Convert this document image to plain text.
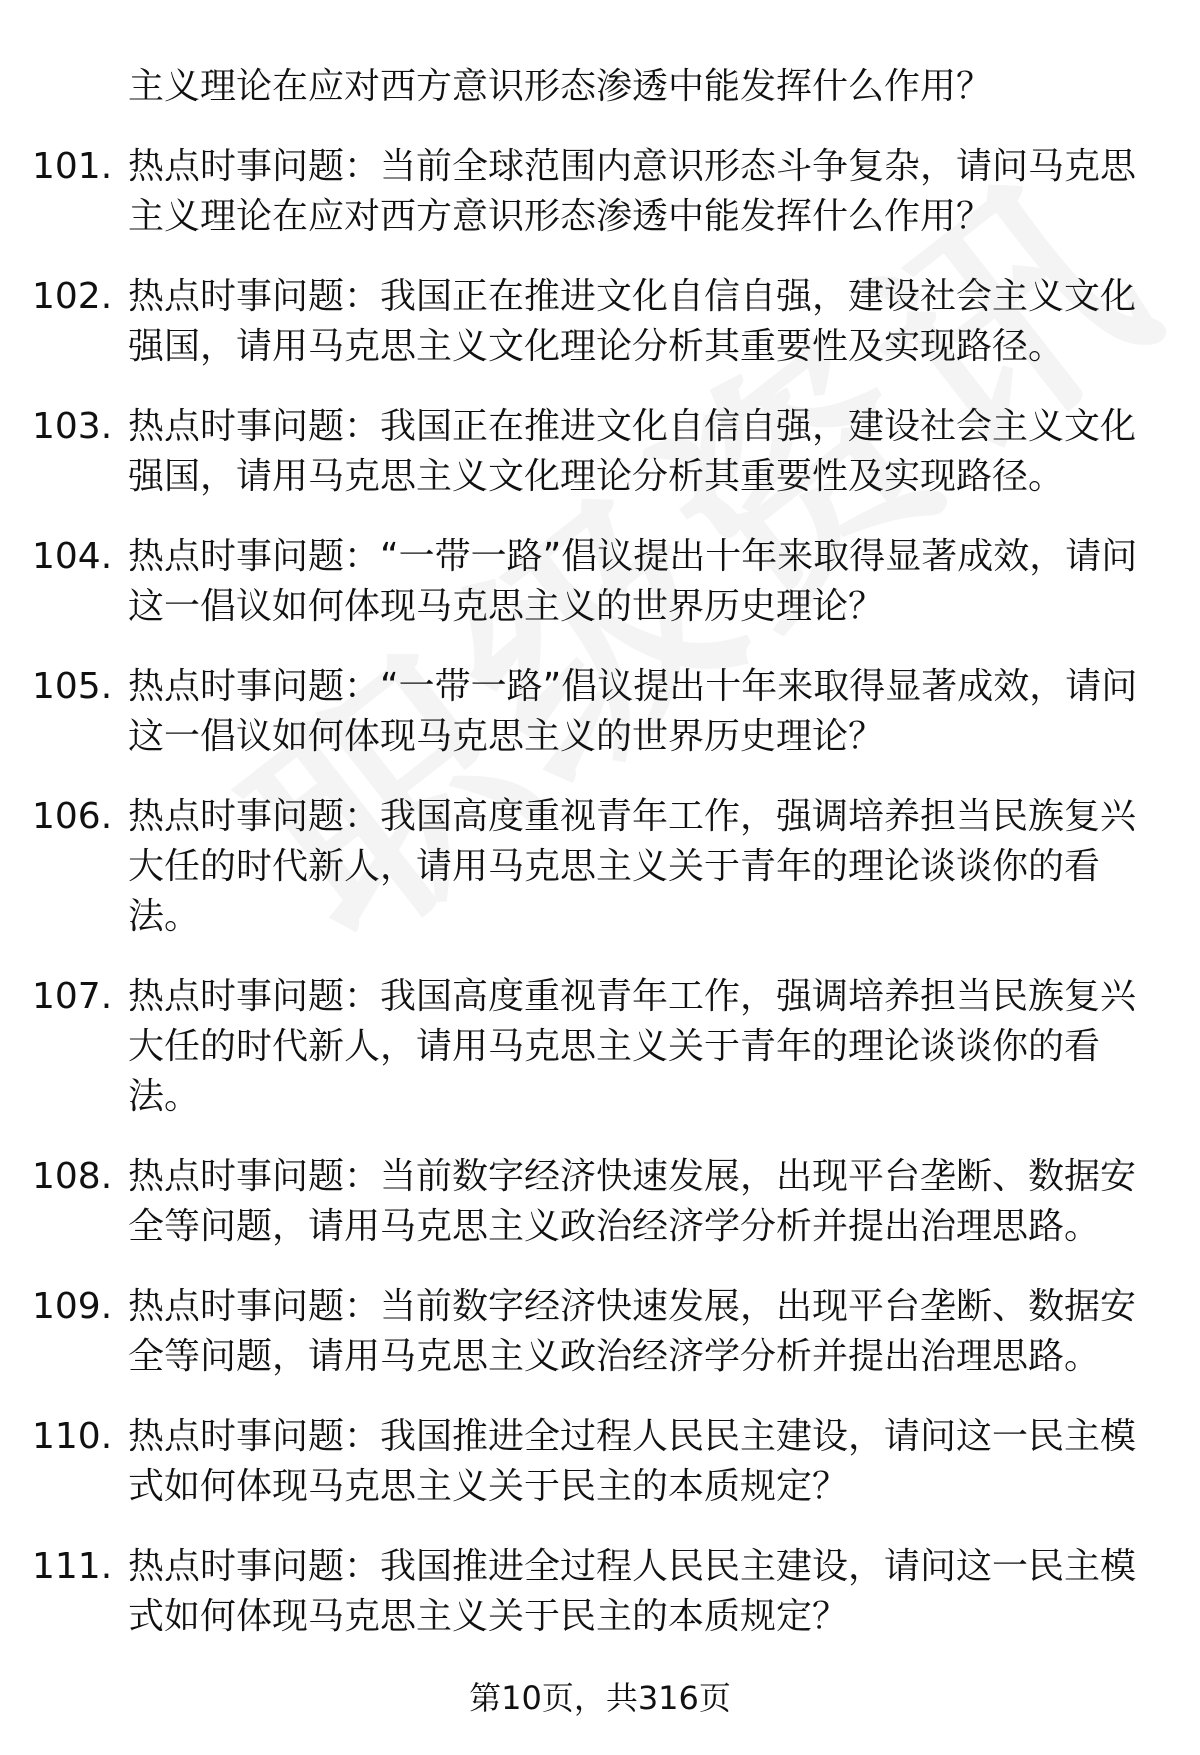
主义理论在应对西方意识形态渗透中能发挥什么作用？

101. 热点时事问题：当前全球范围内意识形态斗争复杂，请问马克思主义理论在应对西方意识形态渗透中能发挥什么作用？

102. 热点时事问题：我国正在推进文化自信自强，建设社会主义文化强国，请用马克思主义文化理论分析其重要性及实现路径。

103. 热点时事问题：我国正在推进文化自信自强，建设社会主义文化强国，请用马克思主义文化理论分析其重要性及实现路径。

104. 热点时事问题：“一带一路”倡议提出十年来取得显著成效，请问这一倡议如何体现马克思主义的世界历史理论？

105. 热点时事问题：“一带一路”倡议提出十年来取得显著成效，请问这一倡议如何体现马克思主义的世界历史理论？

106. 热点时事问题：我国高度重视青年工作，强调培养担当民族复兴大任的时代新人，请用马克思主义关于青年的理论谈谈你的看法。

107. 热点时事问题：我国高度重视青年工作，强调培养担当民族复兴大任的时代新人，请用马克思主义关于青年的理论谈谈你的看法。

108. 热点时事问题：当前数字经济快速发展，出现平台垄断、数据安全等问题，请用马克思主义政治经济学分析并提出治理思路。

109. 热点时事问题：当前数字经济快速发展，出现平台垄断、数据安全等问题，请用马克思主义政治经济学分析并提出治理思路。

110. 热点时事问题：我国推进全过程人民民主建设，请问这一民主模式如何体现马克思主义关于民主的本质规定？

111. 热点时事问题：我国推进全过程人民民主建设，请问这一民主模式如何体现马克思主义关于民主的本质规定？

第10页，共316页
